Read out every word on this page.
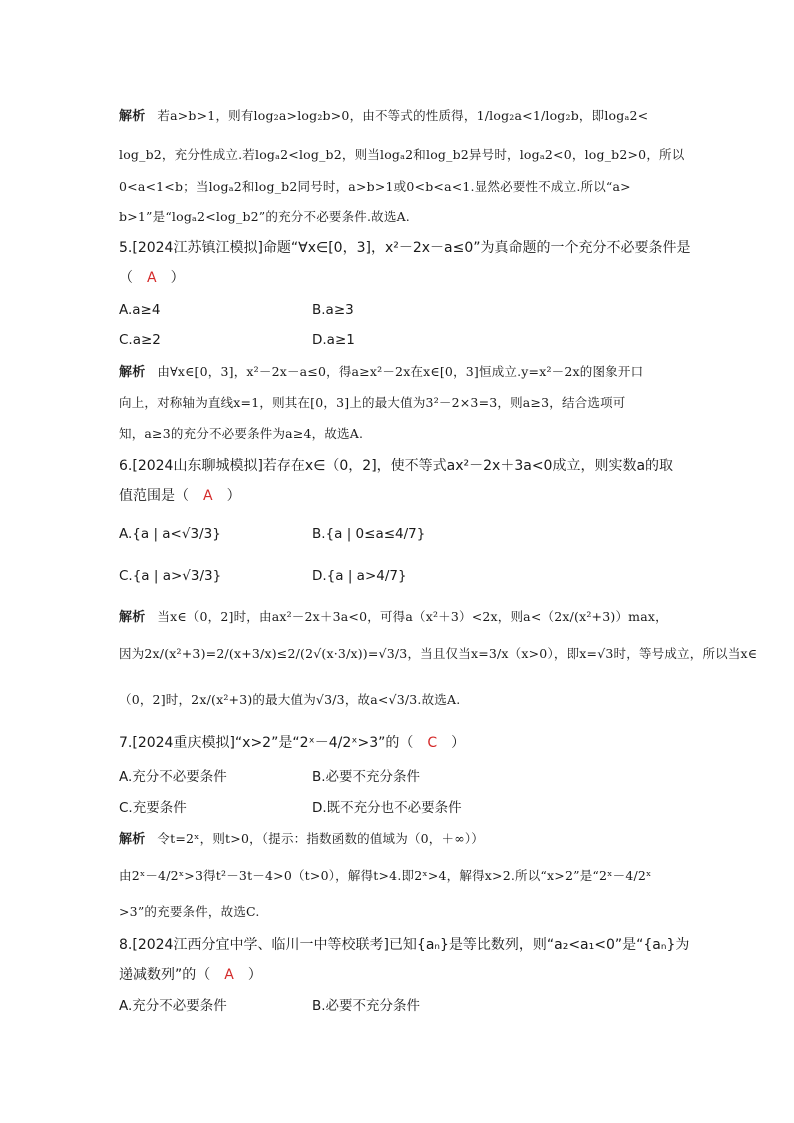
解析 若a>b>1，则有log₂a>log₂b>0，由不等式的性质得，1/log₂a<1/log₂b，即logₐ2<
log_b2，充分性成立.若logₐ2<log_b2，则当logₐ2和log_b2异号时，logₐ2<0，log_b2>0，所以
0<a<1<b；当logₐ2和log_b2同号时，a>b>1或0<b<a<1.显然必要性不成立.所以“a>
b>1”是“logₐ2<log_b2”的充分不必要条件.故选A.
5.[2024江苏镇江模拟]命题“∀x∈[0，3]，x²－2x－a≤0”为真命题的一个充分不必要条件是
（ A ）
A.a≥4	B.a≥3
C.a≥2	D.a≥1
解析 由∀x∈[0，3]，x²－2x－a≤0，得a≥x²－2x在x∈[0，3]恒成立.y=x²－2x的图象开口
向上，对称轴为直线x=1，则其在[0，3]上的最大值为3²－2×3=3，则a≥3，结合选项可
知，a≥3的充分不必要条件为a≥4，故选A.
6.[2024山东聊城模拟]若存在x∈（0，2]，使不等式ax²－2x＋3a<0成立，则实数a的取
值范围是（ A ）
A.{a | a<√3/3}	B.{a | 0≤a≤4/7}
C.{a | a>√3/3}	D.{a | a>4/7}
解析 当x∈（0，2]时，由ax²－2x＋3a<0，可得a（x²＋3）<2x，则a<（2x/(x²+3)）max，
因为2x/(x²+3)=2/(x+3/x)≤2/(2√(x·3/x))=√3/3，当且仅当x=3/x（x>0），即x=√3时，等号成立，所以当x∈
（0，2]时，2x/(x²+3)的最大值为√3/3，故a<√3/3.故选A.
7.[2024重庆模拟]“x>2”是“2ˣ－4/2ˣ>3”的（ C ）
A.充分不必要条件	B.必要不充分条件
C.充要条件	D.既不充分也不必要条件
解析 令t=2ˣ，则t>0，（提示：指数函数的值域为（0，＋∞））
由2ˣ－4/2ˣ>3得t²－3t－4>0（t>0），解得t>4.即2ˣ>4，解得x>2.所以“x>2”是“2ˣ－4/2ˣ
>3”的充要条件，故选C.
8.[2024江西分宜中学、临川一中等校联考]已知{aₙ}是等比数列，则“a₂<a₁<0”是“{aₙ}为
递减数列”的（ A ）
A.充分不必要条件	B.必要不充分条件
